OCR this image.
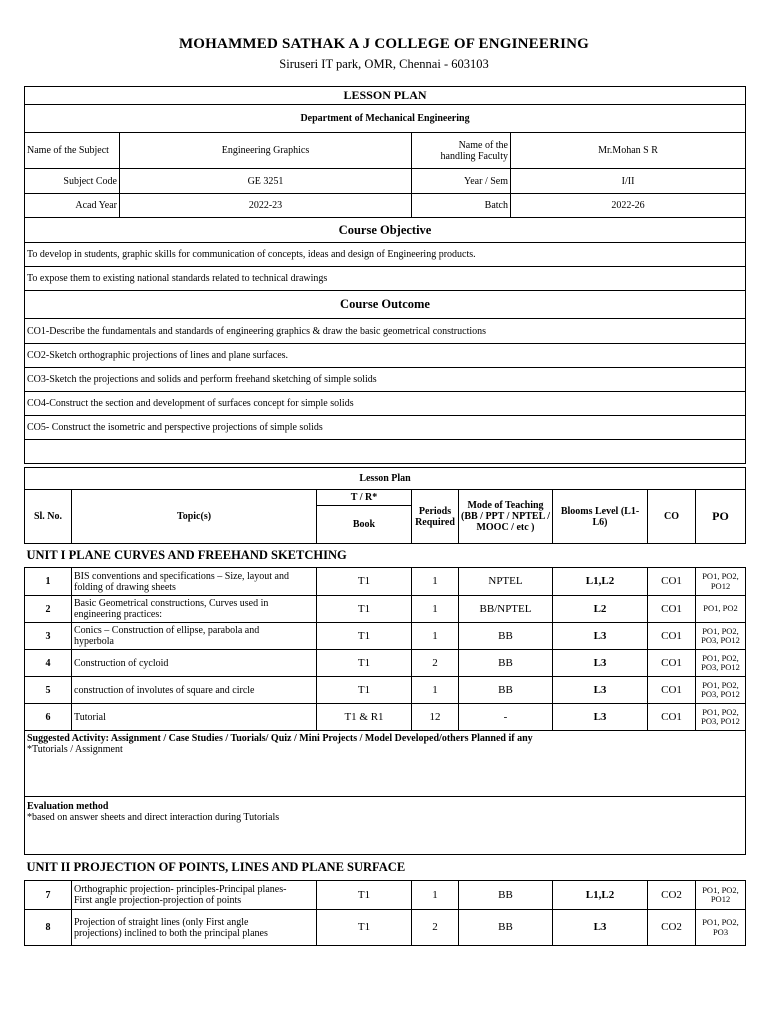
MOHAMMED SATHAK A J COLLEGE OF ENGINEERING
Siruseri IT park, OMR, Chennai - 603103
LESSON PLAN			
Department of Mechanical Engineering			
Name of the Subject	Engineering Graphics	Name of the
handling Faculty	Mr.Mohan S R
Subject Code	GE 3251	Year / Sem	I/II
Acad Year	2022-23	Batch	2022-26
Course Objective			
To develop in students, graphic skills for communication of concepts, ideas and design of Engineering products.			
To expose them to existing national standards related to technical drawings			
Course Outcome			
CO1-Describe the fundamentals and standards of engineering graphics & draw the basic geometrical constructions			
CO2-Sketch orthographic projections of lines and plane surfaces.			
CO3-Sketch the projections and solids and perform freehand sketching of simple solids			
CO4-Construct the section and development of surfaces concept for simple solids			
CO5- Construct the isometric and perspective projections of simple solids			

Lesson Plan							
Sl. No.	Topic(s)	T / R*	Periods
Required	Mode of Teaching
(BB / PPT / NPTEL /
MOOC / etc )	Blooms Level (L1-
L6)	CO	PO
		Book					
UNIT I PLANE CURVES AND FREEHAND SKETCHING							
1	BIS conventions and specifications – Size, layout and
folding of drawing sheets	T1	1	NPTEL	L1,L2	CO1	PO1, PO2,
PO12
2	Basic Geometrical constructions, Curves used in
engineering practices:	T1	1	BB/NPTEL	L2	CO1	PO1, PO2
3	Conics – Construction of ellipse, parabola and
hyperbola	T1	1	BB	L3	CO1	PO1, PO2,
PO3, PO12
4	Construction of cycloid	T1	2	BB	L3	CO1	PO1, PO2,
PO3, PO12
5	construction of involutes of square and circle	T1	1	BB	L3	CO1	PO1, PO2,
PO3, PO12
6	Tutorial	T1 & R1	12	-	L3	CO1	PO1, PO2,
PO3, PO12

Suggested Activity: Assignment / Case Studies / Tuorials/ Quiz / Mini Projects / Model Developed/others Planned if any
*Tutorials / Assignment							

Evaluation method
*based on answer sheets and direct interaction during Tutorials							

UNIT II PROJECTION OF POINTS, LINES AND PLANE SURFACE							
7	Orthographic projection- principles-Principal planes-
First angle projection-projection of points	T1	1	BB	L1,L2	CO2	PO1, PO2,
PO12
8	Projection of straight lines (only First angle
projections) inclined to both the principal planes	T1	2	BB	L3	CO2	PO1, PO2,
PO3
